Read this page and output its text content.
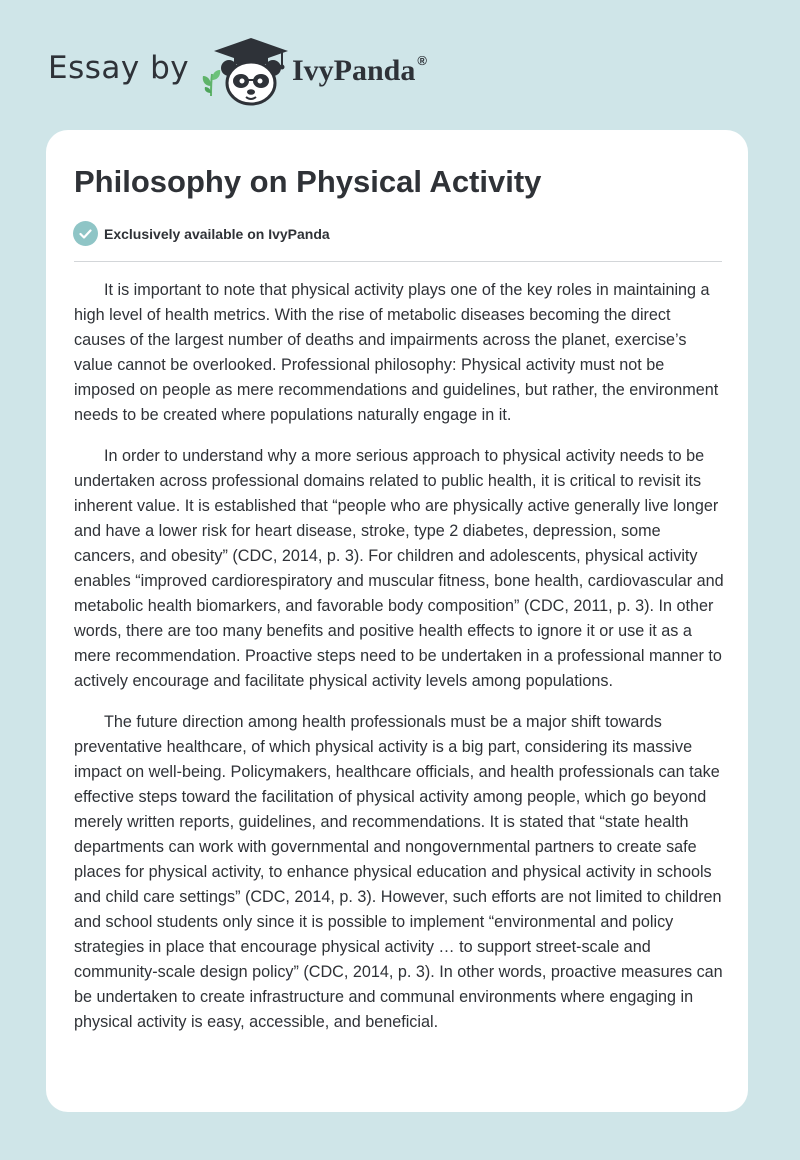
Essay by	IvyPanda ®
Philosophy on Physical Activity
Exclusively available on IvyPanda

It is important to note that physical activity plays one of the key roles in maintaining a high level of health metrics. With the rise of metabolic diseases becoming the direct causes of the largest number of deaths and impairments across the planet, exercise’s value cannot be overlooked. Professional philosophy: Physical activity must not be imposed on people as mere recommendations and guidelines, but rather, the environment needs to be created where populations naturally engage in it.

In order to understand why a more serious approach to physical activity needs to be undertaken across professional domains related to public health, it is critical to revisit its inherent value. It is established that “people who are physically active generally live longer and have a lower risk for heart disease, stroke, type 2 diabetes, depression, some cancers, and obesity” (CDC, 2014, p. 3). For children and adolescents, physical activity enables “improved cardiorespiratory and muscular fitness, bone health, cardiovascular and metabolic health biomarkers, and favorable body composition” (CDC, 2011, p. 3). In other words, there are too many benefits and positive health effects to ignore it or use it as a mere recommendation. Proactive steps need to be undertaken in a professional manner to actively encourage and facilitate physical activity levels among populations.

The future direction among health professionals must be a major shift towards preventative healthcare, of which physical activity is a big part, considering its massive impact on well-being. Policymakers, healthcare officials, and health professionals can take effective steps toward the facilitation of physical activity among people, which go beyond merely written reports, guidelines, and recommendations. It is stated that “state health departments can work with governmental and nongovernmental partners to create safe places for physical activity, to enhance physical education and physical activity in schools and child care settings” (CDC, 2014, p. 3). However, such efforts are not limited to children and school students only since it is possible to implement “environmental and policy strategies in place that encourage physical activity … to support street-scale and community-scale design policy” (CDC, 2014, p. 3). In other words, proactive measures can be undertaken to create infrastructure and communal environments where engaging in physical activity is easy, accessible, and beneficial.
